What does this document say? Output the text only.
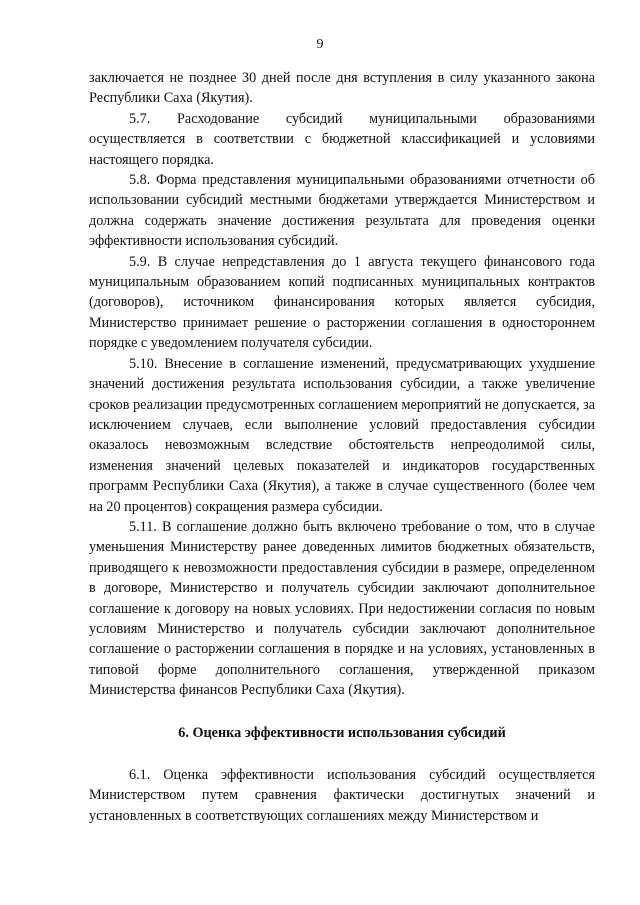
9

заключается не позднее 30 дней после дня вступления в силу указанного закона Республики Саха (Якутия).

5.7. Расходование субсидий муниципальными образованиями осуществляется в соответствии с бюджетной классификацией и условиями настоящего порядка.

5.8. Форма представления муниципальными образованиями отчетности об использовании субсидий местными бюджетами утверждается Министерством и должна содержать значение достижения результата для проведения оценки эффективности использования субсидий.

5.9. В случае непредставления до 1 августа текущего финансового года муниципальным образованием копий подписанных муниципальных контрактов (договоров), источником финансирования которых является субсидия, Министерство принимает решение о расторжении соглашения в одностороннем порядке с уведомлением получателя субсидии.

5.10. Внесение в соглашение изменений, предусматривающих ухудшение значений достижения результата использования субсидии, а также увеличение сроков реализации предусмотренных соглашением мероприятий не допускается, за исключением случаев, если выполнение условий предоставления субсидии оказалось невозможным вследствие обстоятельств непреодолимой силы, изменения значений целевых показателей и индикаторов государственных программ Республики Саха (Якутия), а также в случае существенного (более чем на 20 процентов) сокращения размера субсидии.

5.11. В соглашение должно быть включено требование о том, что в случае уменьшения Министерству ранее доведенных лимитов бюджетных обязательств, приводящего к невозможности предоставления субсидии в размере, определенном в договоре, Министерство и получатель субсидии заключают дополнительное соглашение к договору на новых условиях. При недостижении согласия по новым условиям Министерство и получатель субсидии заключают дополнительное соглашение о расторжении соглашения в порядке и на условиях, установленных в типовой форме дополнительного соглашения, утвержденной приказом Министерства финансов Республики Саха (Якутия).

6. Оценка эффективности использования субсидий

6.1. Оценка эффективности использования субсидий осуществляется Министерством путем сравнения фактически достигнутых значений и установленных в соответствующих соглашениях между Министерством и
